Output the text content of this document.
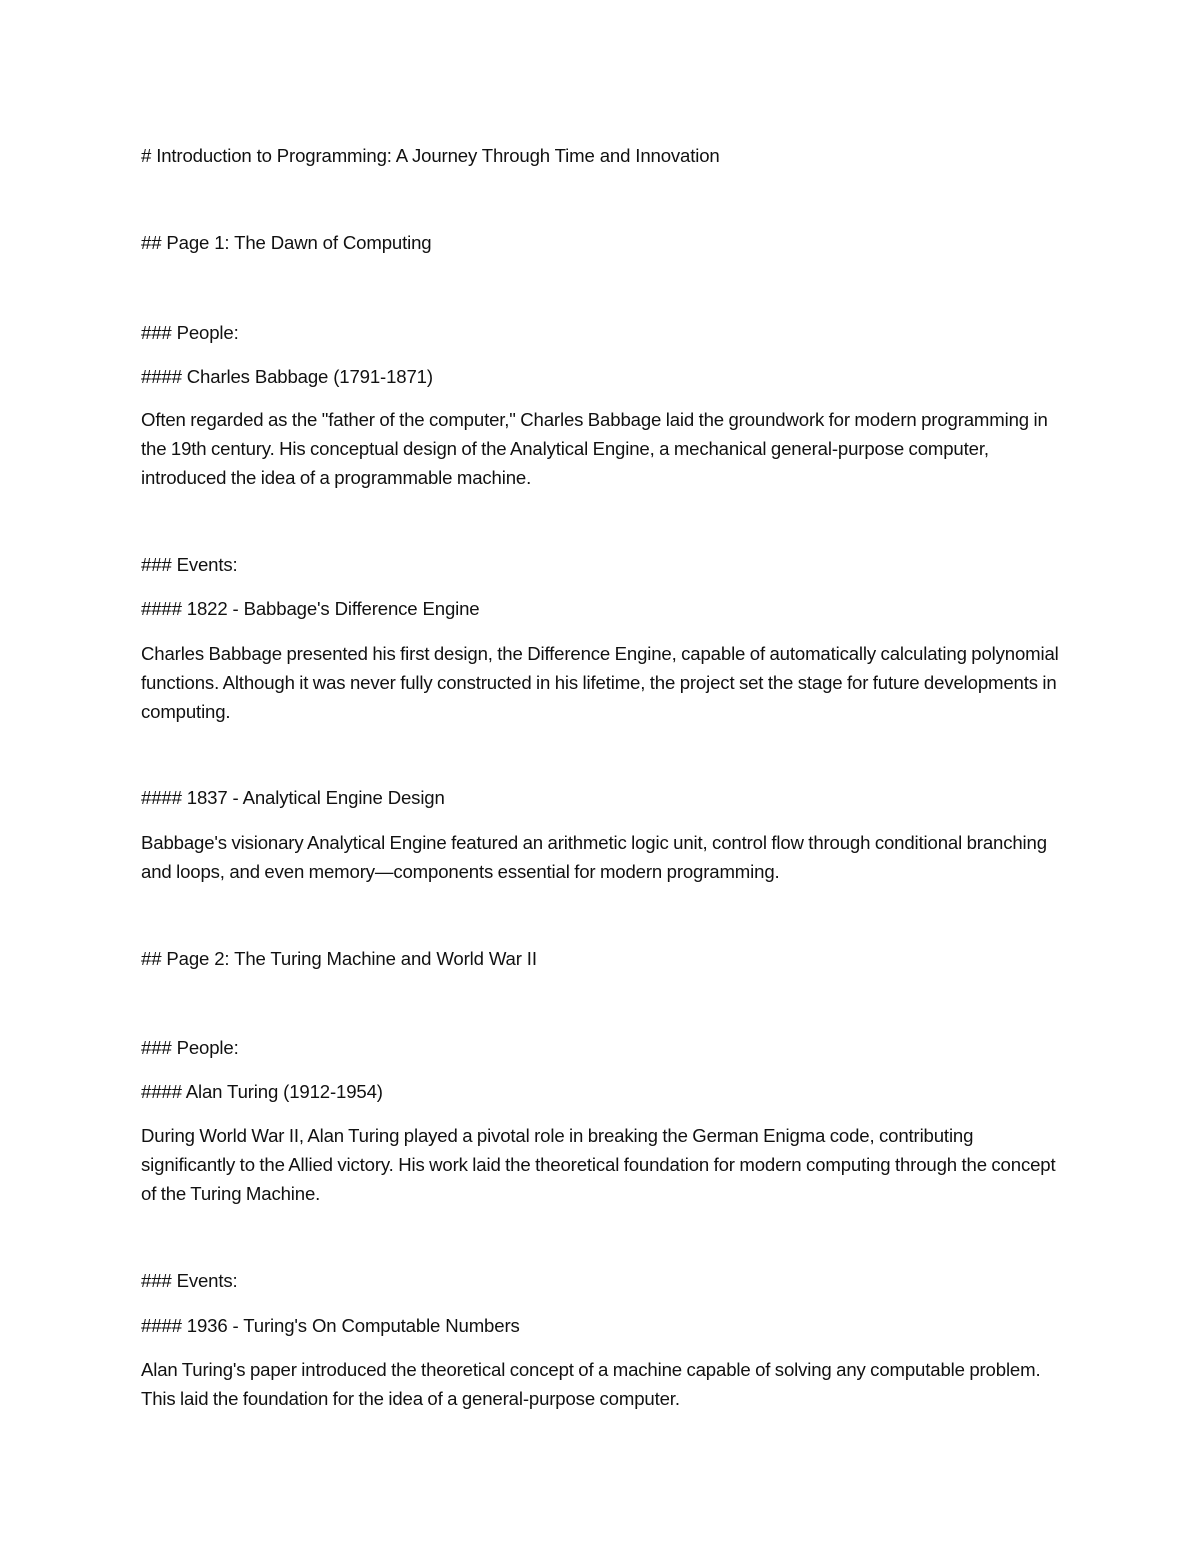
# Introduction to Programming: A Journey Through Time and Innovation

## Page 1: The Dawn of Computing

### People:

#### Charles Babbage (1791-1871)

Often regarded as the "father of the computer," Charles Babbage laid the groundwork for modern programming in the 19th century. His conceptual design of the Analytical Engine, a mechanical general-purpose computer, introduced the idea of a programmable machine.

### Events:

#### 1822 - Babbage's Difference Engine

Charles Babbage presented his first design, the Difference Engine, capable of automatically calculating polynomial functions. Although it was never fully constructed in his lifetime, the project set the stage for future developments in computing.

#### 1837 - Analytical Engine Design

Babbage's visionary Analytical Engine featured an arithmetic logic unit, control flow through conditional branching and loops, and even memory—components essential for modern programming.

## Page 2: The Turing Machine and World War II

### People:

#### Alan Turing (1912-1954)

During World War II, Alan Turing played a pivotal role in breaking the German Enigma code, contributing significantly to the Allied victory. His work laid the theoretical foundation for modern computing through the concept of the Turing Machine.

### Events:

#### 1936 - Turing's On Computable Numbers

Alan Turing's paper introduced the theoretical concept of a machine capable of solving any computable problem. This laid the foundation for the idea of a general-purpose computer.
